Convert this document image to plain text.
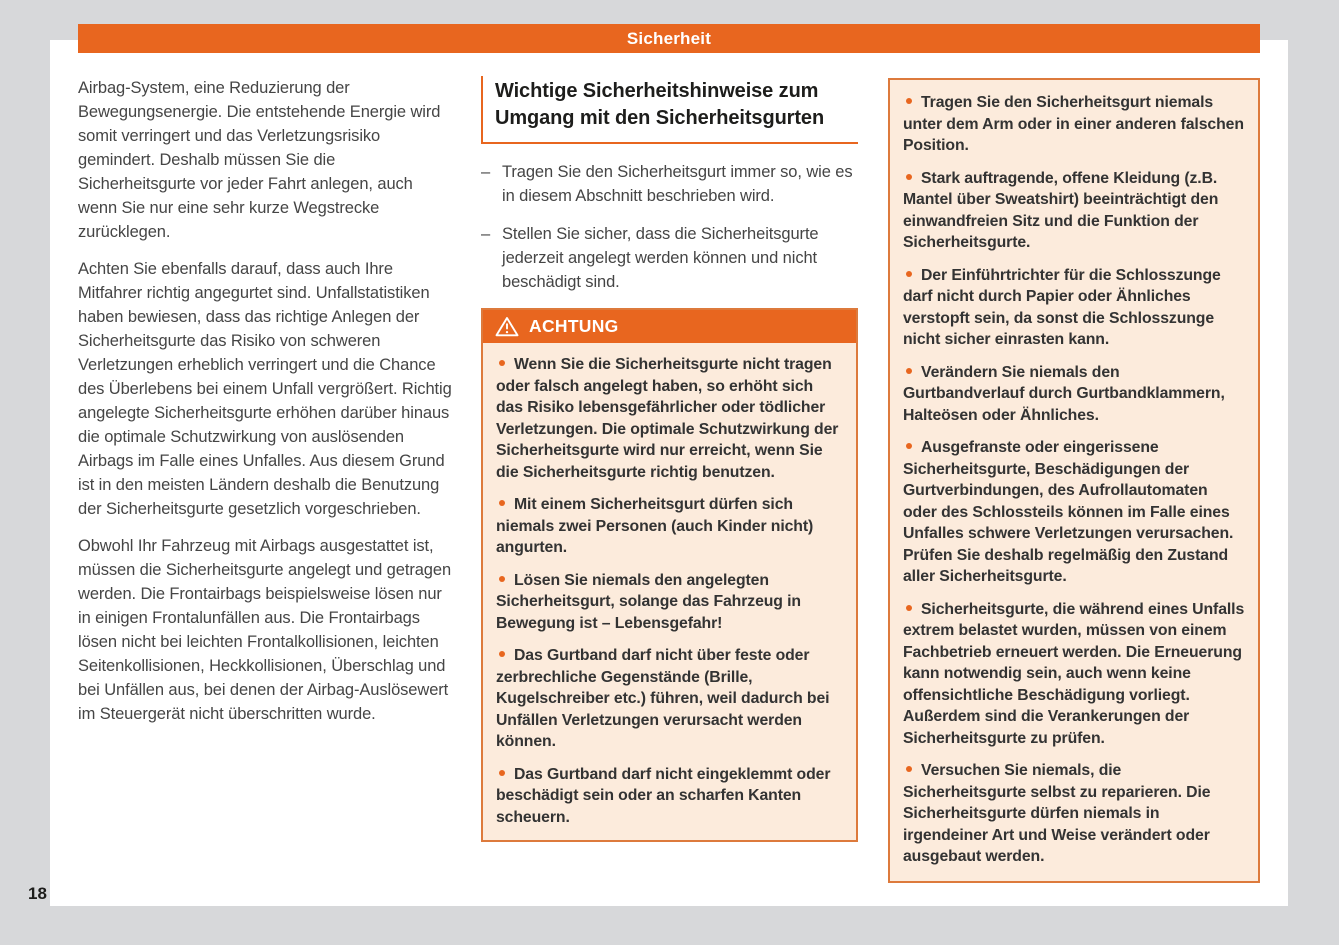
Sicherheit

Airbag-System, eine Reduzierung der Bewegungsenergie. Die entstehende Energie wird somit verringert und das Verletzungsrisiko gemindert. Deshalb müssen Sie die Sicherheitsgurte vor jeder Fahrt anlegen, auch wenn Sie nur eine sehr kurze Wegstrecke zurücklegen.

Achten Sie ebenfalls darauf, dass auch Ihre Mitfahrer richtig angegurtet sind. Unfallstatistiken haben bewiesen, dass das richtige Anlegen der Sicherheitsgurte das Risiko von schweren Verletzungen erheblich verringert und die Chance des Überlebens bei einem Unfall vergrößert. Richtig angelegte Sicherheitsgurte erhöhen darüber hinaus die optimale Schutzwirkung von auslösenden Airbags im Falle eines Unfalles. Aus diesem Grund ist in den meisten Ländern deshalb die Benutzung der Sicherheitsgurte gesetzlich vorgeschrieben.

Obwohl Ihr Fahrzeug mit Airbags ausgestattet ist, müssen die Sicherheitsgurte angelegt und getragen werden. Die Frontairbags beispielsweise lösen nur in einigen Frontalunfällen aus. Die Frontairbags lösen nicht bei leichten Frontalkollisionen, leichten Seitenkollisionen, Heckkollisionen, Überschlag und bei Unfällen aus, bei denen der Airbag-Auslösewert im Steuergerät nicht überschritten wurde.

Wichtige Sicherheitshinweise zum Umgang mit den Sicherheitsgurten

– Tragen Sie den Sicherheitsgurt immer so, wie es in diesem Abschnitt beschrieben wird.

– Stellen Sie sicher, dass die Sicherheitsgurte jederzeit angelegt werden können und nicht beschädigt sind.

ACHTUNG

Wenn Sie die Sicherheitsgurte nicht tragen oder falsch angelegt haben, so erhöht sich das Risiko lebensgefährlicher oder tödlicher Verletzungen. Die optimale Schutzwirkung der Sicherheitsgurte wird nur erreicht, wenn Sie die Sicherheitsgurte richtig benutzen.

Mit einem Sicherheitsgurt dürfen sich niemals zwei Personen (auch Kinder nicht) angurten.

Lösen Sie niemals den angelegten Sicherheitsgurt, solange das Fahrzeug in Bewegung ist – Lebensgefahr!

Das Gurtband darf nicht über feste oder zerbrechliche Gegenstände (Brille, Kugelschreiber etc.) führen, weil dadurch bei Unfällen Verletzungen verursacht werden können.

Das Gurtband darf nicht eingeklemmt oder beschädigt sein oder an scharfen Kanten scheuern.

Tragen Sie den Sicherheitsgurt niemals unter dem Arm oder in einer anderen falschen Position.

Stark auftragende, offene Kleidung (z.B. Mantel über Sweatshirt) beeinträchtigt den einwandfreien Sitz und die Funktion der Sicherheitsgurte.

Der Einführtrichter für die Schlosszunge darf nicht durch Papier oder Ähnliches verstopft sein, da sonst die Schlosszunge nicht sicher einrasten kann.

Verändern Sie niemals den Gurtbandverlauf durch Gurtbandklammern, Halteösen oder Ähnliches.

Ausgefranste oder eingerissene Sicherheitsgurte, Beschädigungen der Gurtverbindungen, des Aufrollautomaten oder des Schlossteils können im Falle eines Unfalles schwere Verletzungen verursachen. Prüfen Sie deshalb regelmäßig den Zustand aller Sicherheitsgurte.

Sicherheitsgurte, die während eines Unfalls extrem belastet wurden, müssen von einem Fachbetrieb erneuert werden. Die Erneuerung kann notwendig sein, auch wenn keine offensichtliche Beschädigung vorliegt. Außerdem sind die Verankerungen der Sicherheitsgurte zu prüfen.

Versuchen Sie niemals, die Sicherheitsgurte selbst zu reparieren. Die Sicherheitsgurte dürfen niemals in irgendeiner Art und Weise verändert oder ausgebaut werden.

18
